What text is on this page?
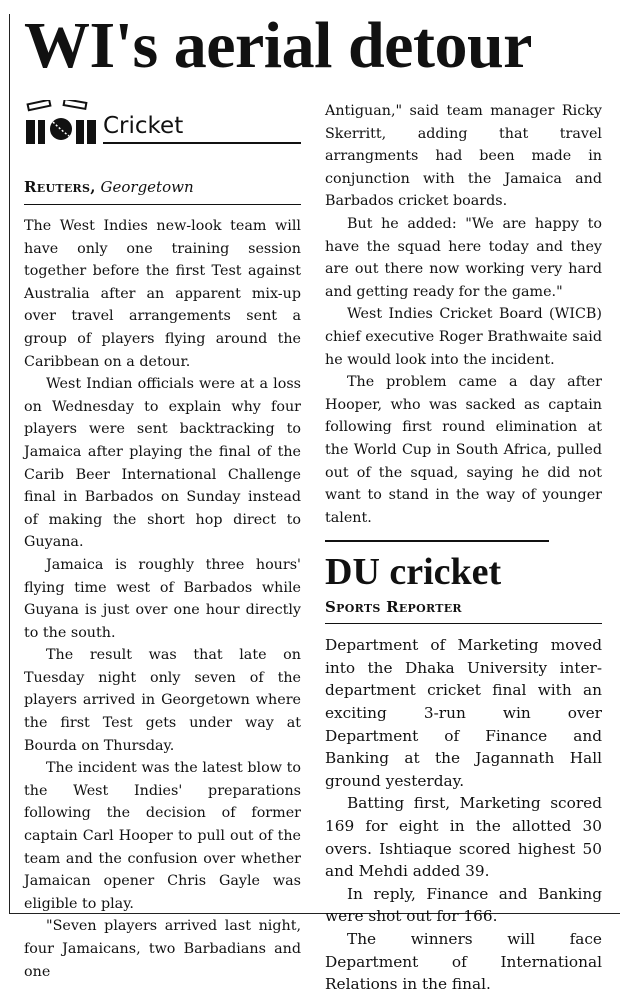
WI's aerial detour
Cricket
Reuters, Georgetown

The West Indies new-look team will have only one training session together before the first Test against Australia after an apparent mix-up over travel arrangements sent a group of players flying around the Caribbean on a detour.

West Indian officials were at a loss on Wednesday to explain why four players were sent backtracking to Jamaica after playing the final of the Carib Beer International Challenge final in Barbados on Sunday instead of making the short hop direct to Guyana.

Jamaica is roughly three hours' flying time west of Barbados while Guyana is just over one hour directly to the south.

The result was that late on Tuesday night only seven of the players arrived in Georgetown where the first Test gets under way at Bourda on Thursday.

The incident was the latest blow to the West Indies' preparations following the decision of former captain Carl Hooper to pull out of the team and the confusion over whether Jamaican opener Chris Gayle was eligible to play.

"Seven players arrived last night, four Jamaicans, two Barbadians and one

Antiguan," said team manager Ricky Skerritt, adding that travel arrangments had been made in conjunction with the Jamaica and Barbados cricket boards.

But he added: "We are happy to have the squad here today and they are out there now working very hard and getting ready for the game."

West Indies Cricket Board (WICB) chief executive Roger Brathwaite said he would look into the incident.

The problem came a day after Hooper, who was sacked as captain following first round elimination at the World Cup in South Africa, pulled out of the squad, saying he did not want to stand in the way of younger talent.

DU cricket
Sports Reporter

Department of Marketing moved into the Dhaka University inter-department cricket final with an exciting 3-run win over Department of Finance and Banking at the Jagannath Hall ground yesterday.

Batting first, Marketing scored 169 for eight in the allotted 30 overs. Ishtiaque scored highest 50 and Mehdi added 39.

In reply, Finance and Banking were shot out for 166.

The winners will face Department of International Relations in the final.
